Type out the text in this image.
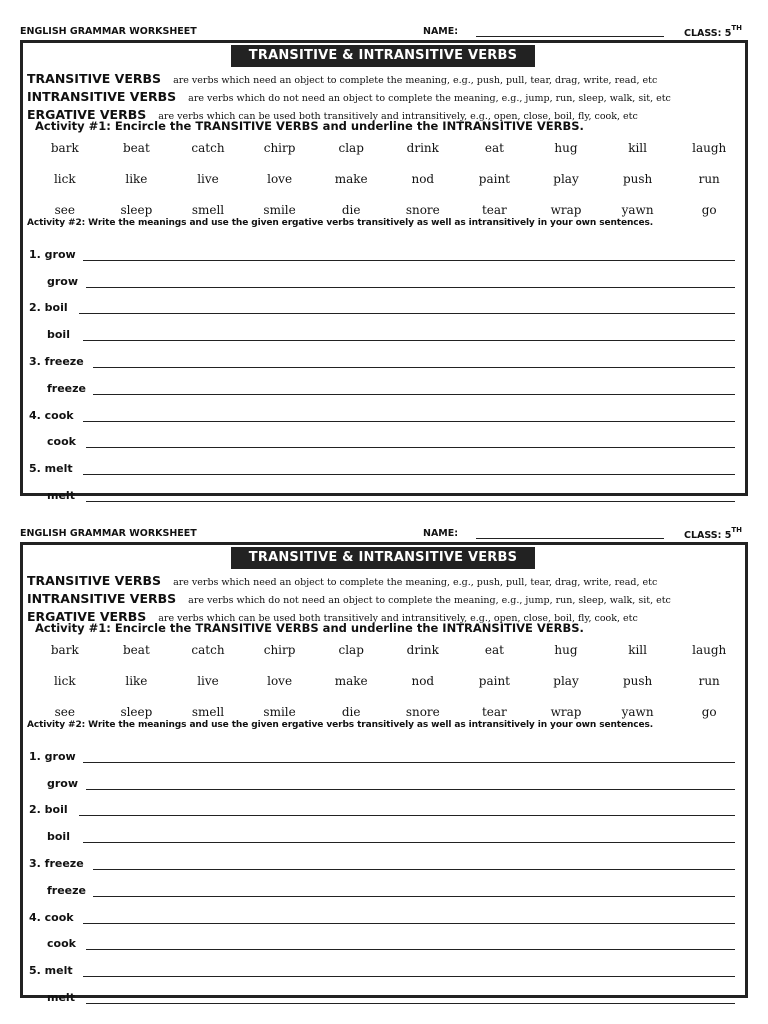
ENGLISH GRAMMAR WORKSHEET	NAME:	CLASS: 5TH
TRANSITIVE & INTRANSITIVE VERBS
TRANSITIVE VERBS are verbs which need an object to complete the meaning, e.g., push, pull, tear, drag, write, read, etc
INTRANSITIVE VERBS are verbs which do not need an object to complete the meaning, e.g., jump, run, sleep, walk, sit, etc
ERGATIVE VERBS are verbs which can be used both transitively and intransitively, e.g., open, close, boil, fly, cook, etc
Activity #1: Encircle the TRANSITIVE VERBS and underline the INTRANSITIVE VERBS.
bark	beat	catch	chirp	clap	drink	eat	hug	kill	laugh
lick	like	live	love	make	nod	paint	play	push	run
see	sleep	smell	smile	die	snore	tear	wrap	yawn	go
Activity #2: Write the meanings and use the given ergative verbs transitively as well as intransitively in your own sentences.
1. grow
grow
2. boil
boil
3. freeze
freeze
4. cook
cook
5. melt
melt
ENGLISH GRAMMAR WORKSHEET	NAME:	CLASS: 5TH
TRANSITIVE & INTRANSITIVE VERBS
TRANSITIVE VERBS are verbs which need an object to complete the meaning, e.g., push, pull, tear, drag, write, read, etc
INTRANSITIVE VERBS are verbs which do not need an object to complete the meaning, e.g., jump, run, sleep, walk, sit, etc
ERGATIVE VERBS are verbs which can be used both transitively and intransitively, e.g., open, close, boil, fly, cook, etc
Activity #1: Encircle the TRANSITIVE VERBS and underline the INTRANSITIVE VERBS.
bark	beat	catch	chirp	clap	drink	eat	hug	kill	laugh
lick	like	live	love	make	nod	paint	play	push	run
see	sleep	smell	smile	die	snore	tear	wrap	yawn	go
Activity #2: Write the meanings and use the given ergative verbs transitively as well as intransitively in your own sentences.
1. grow
grow
2. boil
boil
3. freeze
freeze
4. cook
cook
5. melt
melt
